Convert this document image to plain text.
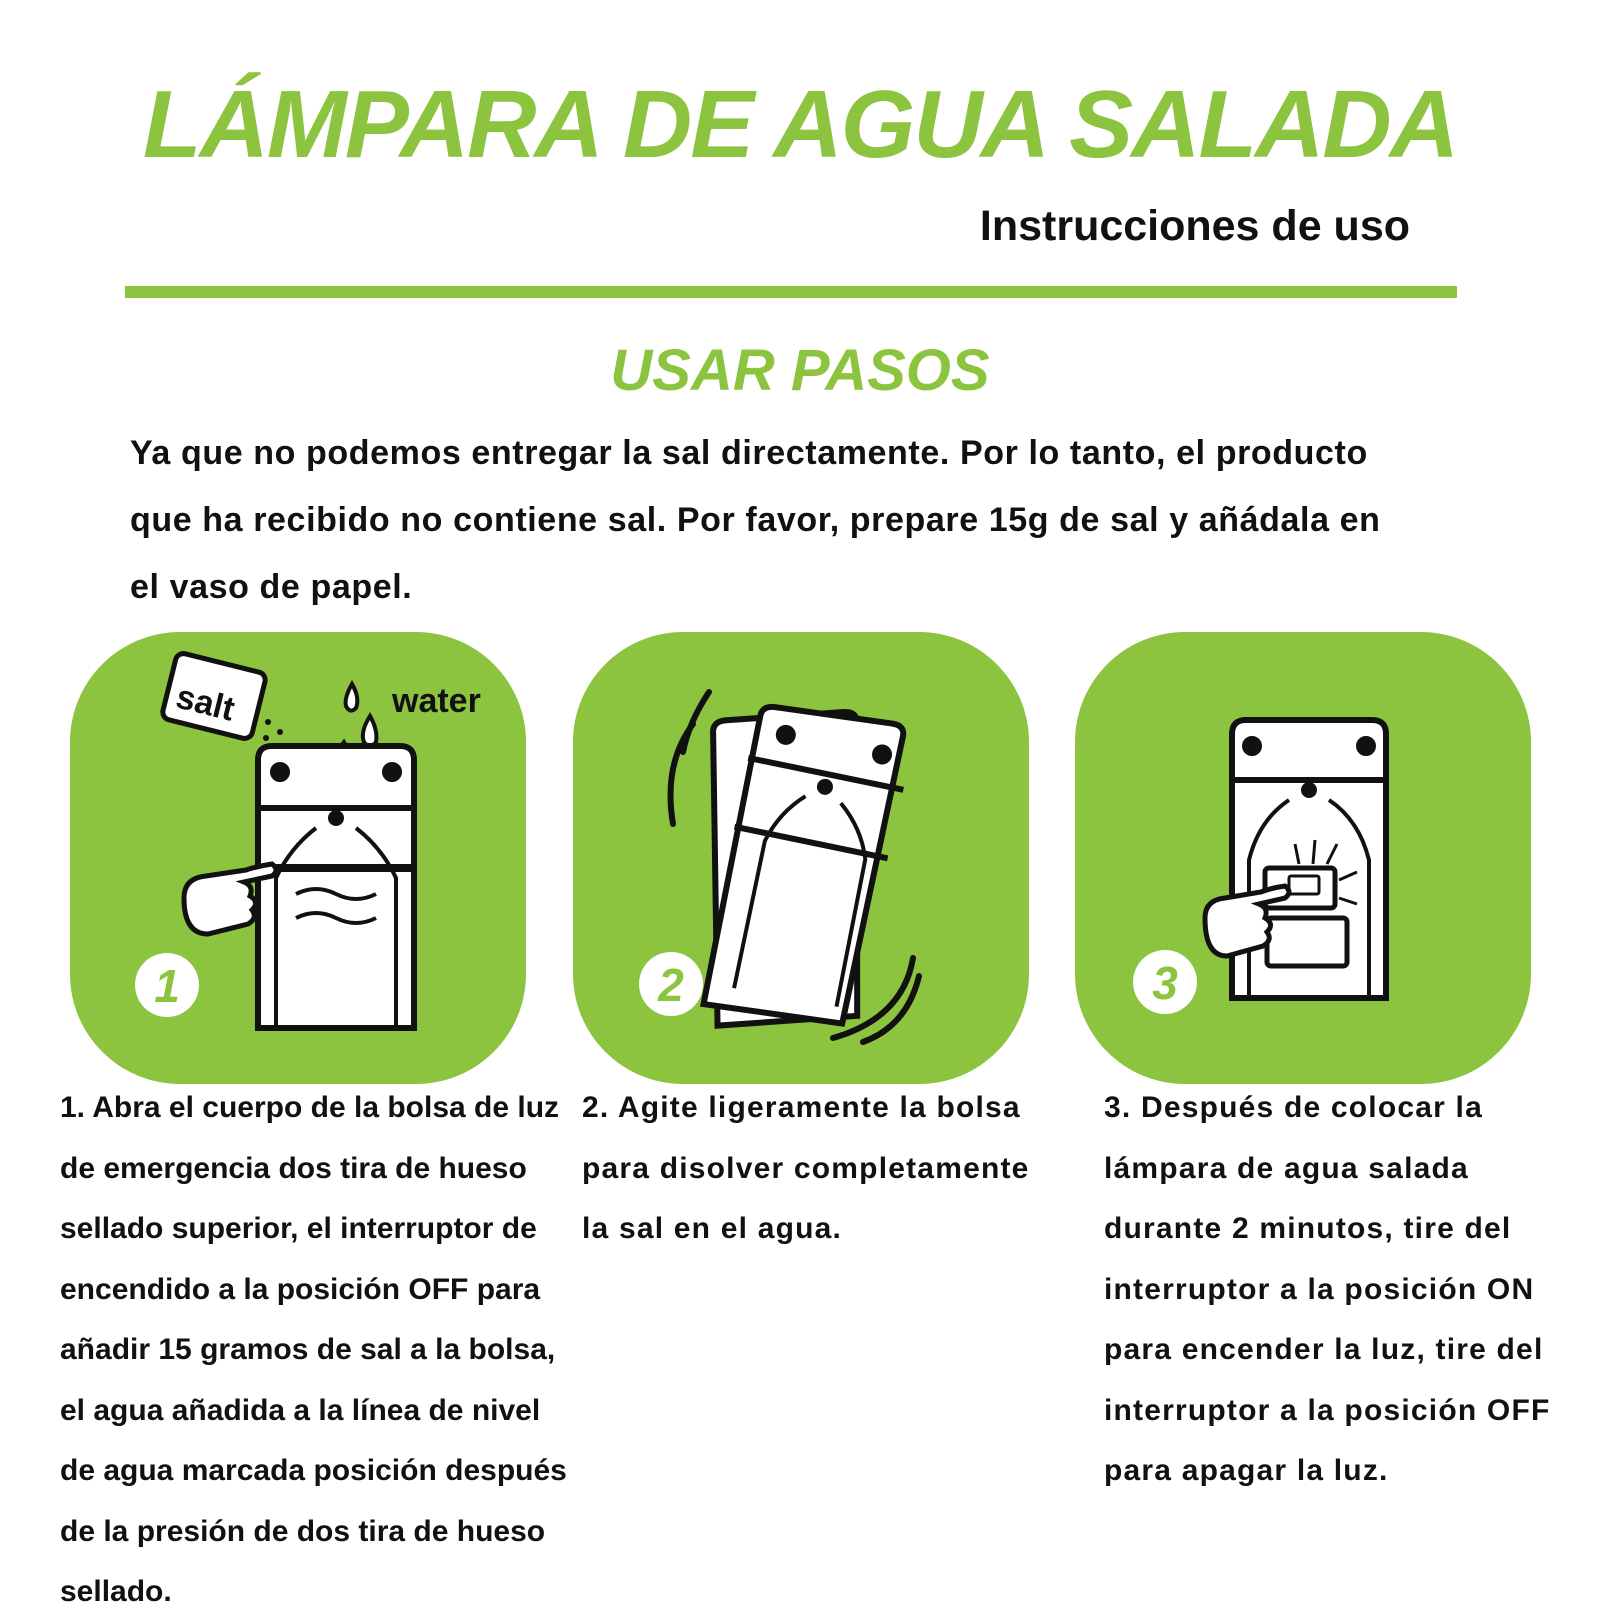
LÁMPARA DE AGUA SALADA
Instrucciones de uso
USAR PASOS
Ya que no podemos entregar la sal directamente. Por lo tanto, el producto
que ha recibido no contiene sal. Por favor, prepare 15g de sal y añádala en
el vaso de papel.
salt	water
1	2	3
1. Abra el cuerpo de la bolsa de luz
de emergencia dos tira de hueso
sellado superior, el interruptor de
encendido a la posición OFF para
añadir 15 gramos de sal a la bolsa,
el agua añadida a la línea de nivel
de agua marcada posición después
de la presión de dos tira de hueso
sellado.
2. Agite ligeramente la bolsa
para disolver completamente
la sal en el agua.
3. Después de colocar la
lámpara de agua salada
durante 2 minutos, tire del
interruptor a la posición ON
para encender la luz, tire del
interruptor a la posición OFF
para apagar la luz.
